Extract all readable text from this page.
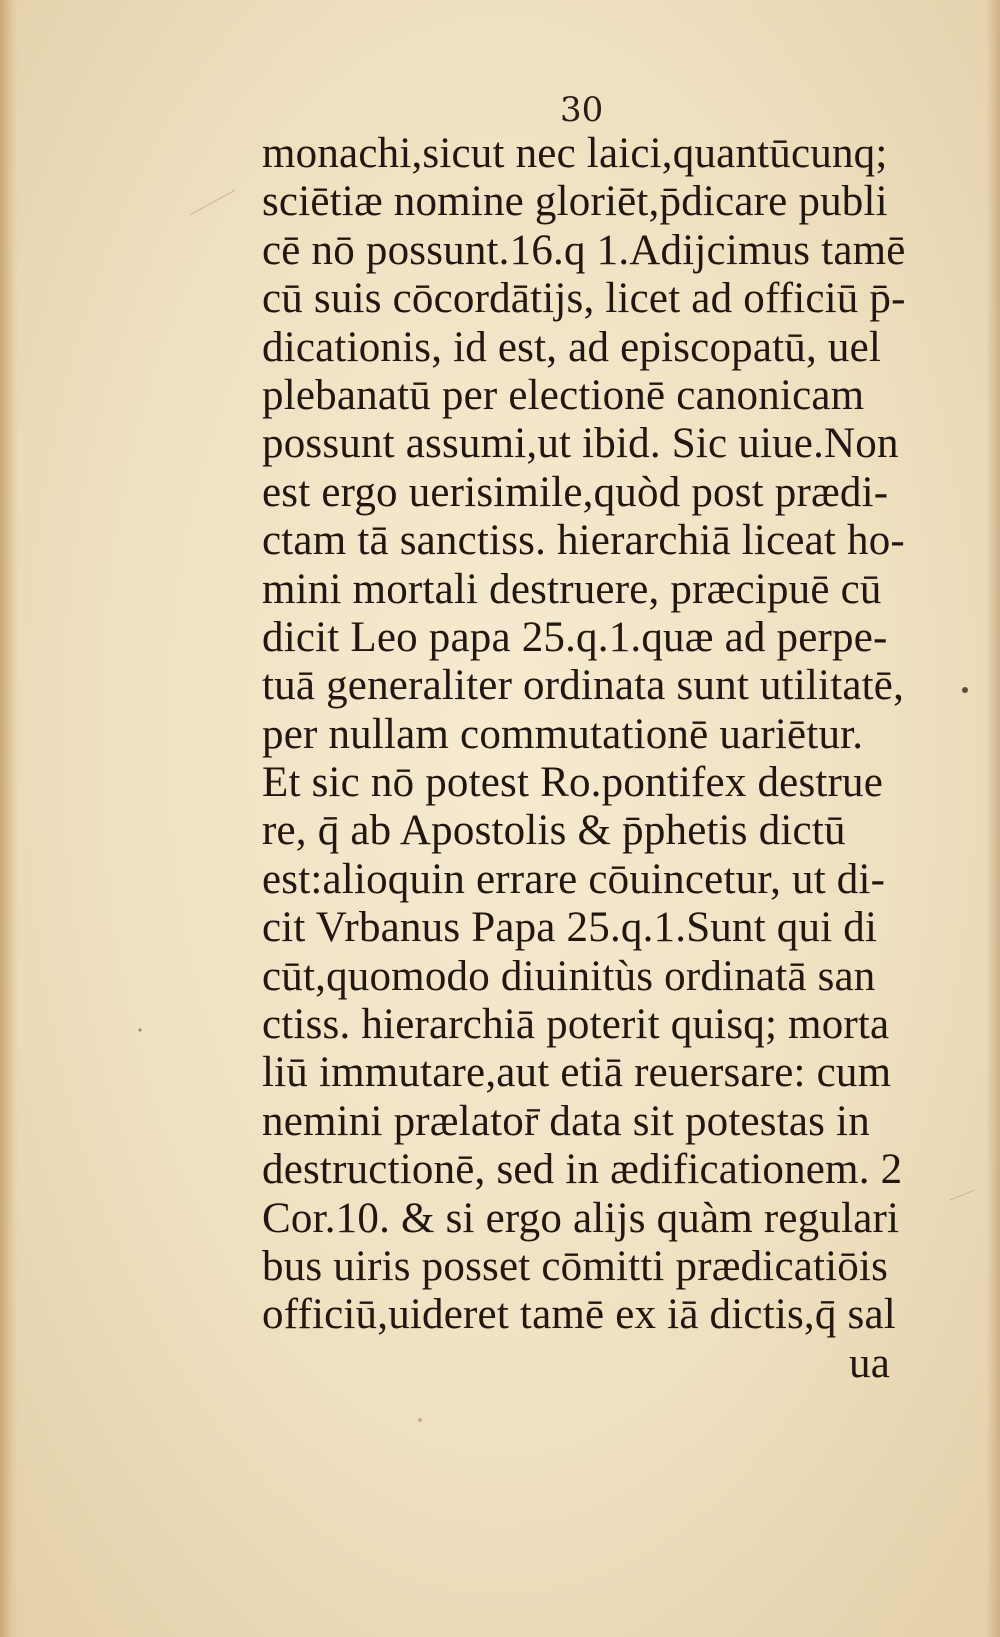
30
monachi,sicut nec laici,quantūcunq;
sciētiæ nomine gloriēt,p̄dicare publi
cē nō possunt.16.q 1.Adijcimus tamē
cū suis cōcordātijs, licet ad officiū p̄-
dicationis, id est, ad episcopatū, uel
plebanatū per electionē canonicam
possunt assumi,ut ibid. Sic uiue.Non
est ergo uerisimile,quòd post prædi-
ctam tā sanctiss. hierarchiā liceat ho-
mini mortali destruere, præcipuē cū
dicit Leo papa 25.q.1.quæ ad perpe-
tuā generaliter ordinata sunt utilitatē,
per nullam commutationē uariētur.
Et sic nō potest Ro.pontifex destrue
re, q̄ ab Apostolis & p̄phetis dictū
est:alioquin errare cōuincetur, ut di-
cit Vrbanus Papa 25.q.1.Sunt qui di
cūt,quomodo diuinitùs ordinatā san
ctiss. hierarchiā poterit quisq; morta
liū immutare,aut etiā reuersare: cum
nemini prælator̄ data sit potestas in
destructionē, sed in ædificationem. 2
Cor.10. & si ergo alijs quàm regulari
bus uiris posset cōmitti prædicatiōis
officiū,uideret tamē ex iā dictis,q̄ sal
ua
